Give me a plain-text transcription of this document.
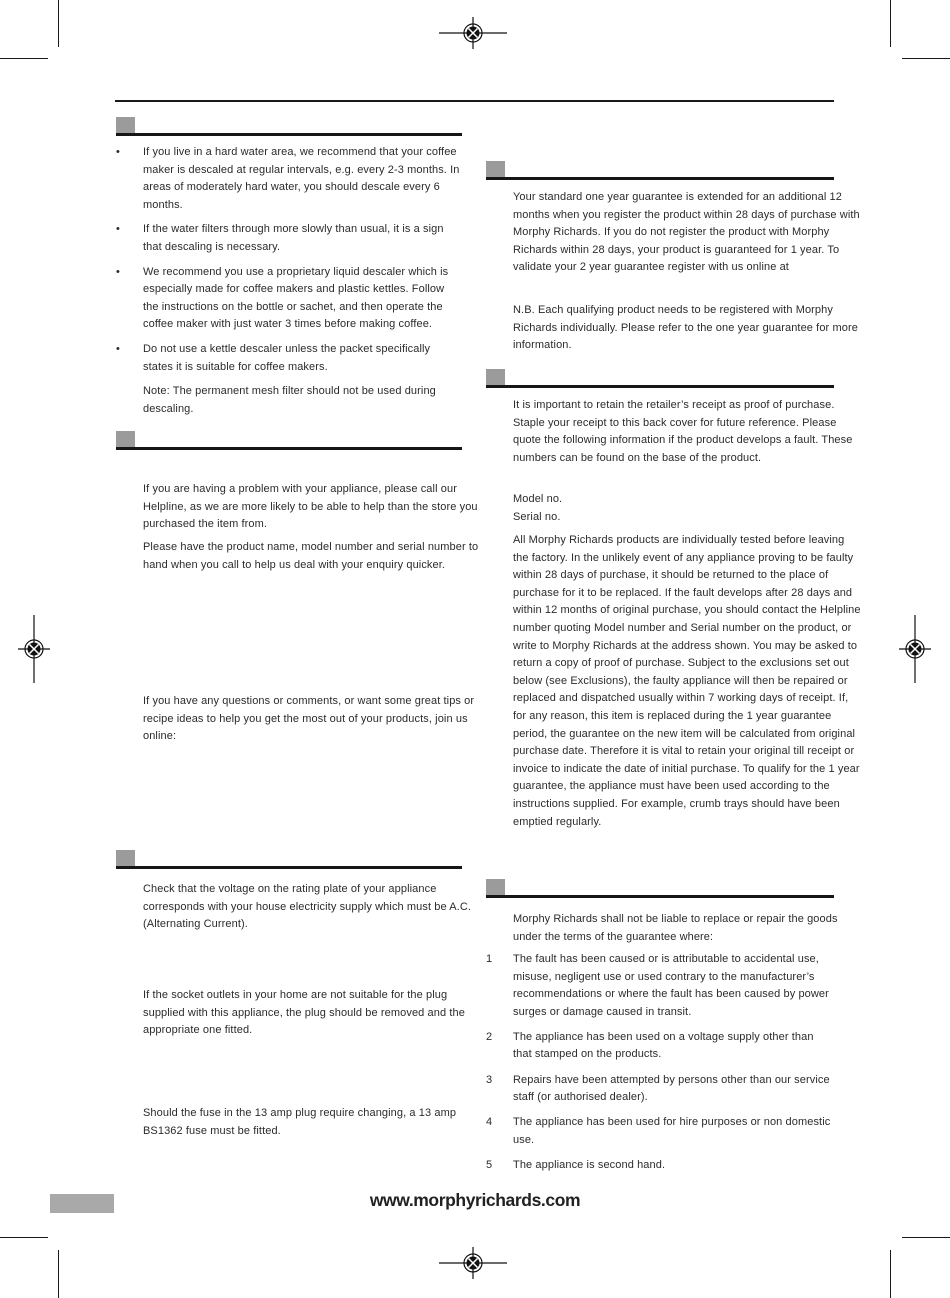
•	If you live in a hard water area, we recommend that your coffee maker is descaled at regular intervals, e.g. every 2-3 months. In areas of moderately hard water, you should descale every 6 months.
•	If the water filters through more slowly than usual, it is a sign that descaling is necessary.
•	We recommend you use a proprietary liquid descaler which is especially made for coffee makers and plastic kettles. Follow the instructions on the bottle or sachet, and then operate the coffee maker with just water 3 times before making coffee.
•	Do not use a kettle descaler unless the packet specifically states it is suitable for coffee makers.
Note: The permanent mesh filter should not be used during descaling.
If you are having a problem with your appliance, please call our Helpline, as we are more likely to be able to help than the store you purchased the item from.
Please have the product name, model number and serial number to hand when you call to help us deal with your enquiry quicker.
If you have any questions or comments, or want some great tips or recipe ideas to help you get the most out of your products, join us online:
Check that the voltage on the rating plate of your appliance corresponds with your house electricity supply which must be A.C. (Alternating Current).
If the socket outlets in your home are not suitable for the plug supplied with this appliance, the plug should be removed and the appropriate one fitted.
Should the fuse in the 13 amp plug require changing, a 13 amp BS1362 fuse must be fitted.
Your standard one year guarantee is extended for an additional 12 months when you register the product within 28 days of purchase with Morphy Richards. If you do not register the product with Morphy Richards within 28 days, your product is guaranteed for 1 year. To validate your 2 year guarantee register with us online at
N.B. Each qualifying product needs to be registered with Morphy Richards individually. Please refer to the one year guarantee for more information.
It is important to retain the retailer’s receipt as proof of purchase. Staple your receipt to this back cover for future reference. Please quote the following information if the product develops a fault. These numbers can be found on the base of the product.
Model no.
Serial no.
All Morphy Richards products are individually tested before leaving the factory. In the unlikely event of any appliance proving to be faulty within 28 days of purchase, it should be returned to the place of purchase for it to be replaced. If the fault develops after 28 days and within 12 months of original purchase, you should contact the Helpline number quoting Model number and Serial number on the product, or write to Morphy Richards at the address shown. You may be asked to return a copy of proof of purchase. Subject to the exclusions set out below (see Exclusions), the faulty appliance will then be repaired or replaced and dispatched usually within 7 working days of receipt. If, for any reason, this item is replaced during the 1 year guarantee period, the guarantee on the new item will be calculated from original purchase date. Therefore it is vital to retain your original till receipt or invoice to indicate the date of initial purchase. To qualify for the 1 year guarantee, the appliance must have been used according to the instructions supplied. For example, crumb trays should have been emptied regularly.
Morphy Richards shall not be liable to replace or repair the goods under the terms of the guarantee where:
1	The fault has been caused or is attributable to accidental use, misuse, negligent use or used contrary to the manufacturer’s recommendations or where the fault has been caused by power surges or damage caused in transit.
2	The appliance has been used on a voltage supply other than that stamped on the products.
3	Repairs have been attempted by persons other than our service staff (or authorised dealer).
4	The appliance has been used for hire purposes or non domestic use.
5	The appliance is second hand.
www.morphyrichards.com
